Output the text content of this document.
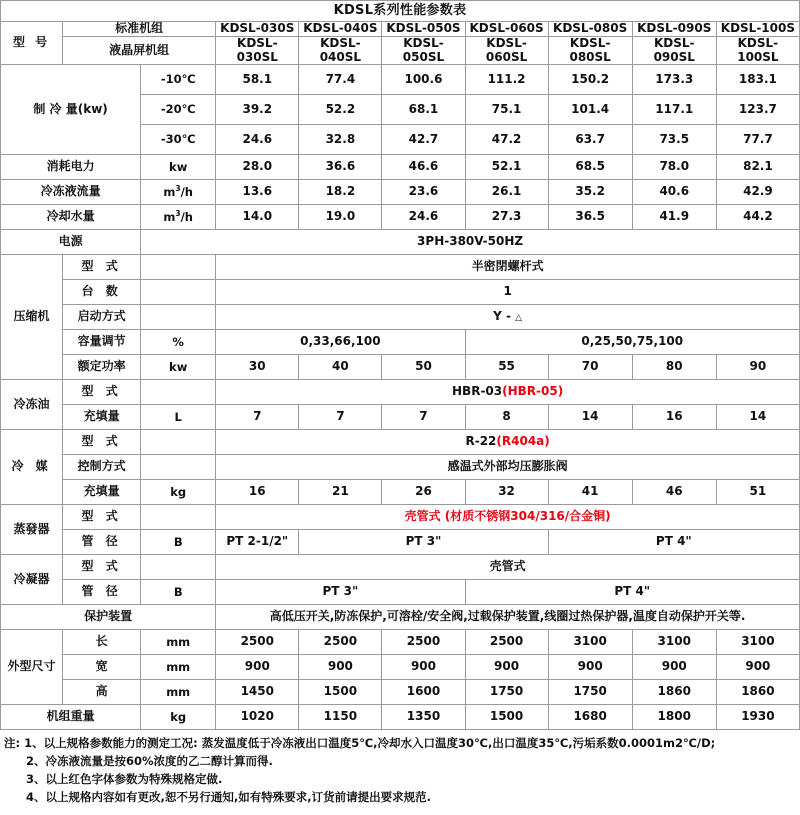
KDSL系列性能参数表									
型 号	标准机组		KDSL-030S	KDSL-040S	KDSL-050S	KDSL-060S	KDSL-080S	KDSL-090S	KDSL-100S
	液晶屏机组		KDSL-030SL	KDSL-040SL	KDSL-050SL	KDSL-060SL	KDSL-080SL	KDSL-090SL	KDSL-100SL
制 冷 量(kw)		-10℃	58.1	77.4	100.6	111.2	150.2	173.3	183.1
		-20℃	39.2	52.2	68.1	75.1	101.4	117.1	123.7
		-30℃	24.6	32.8	42.7	47.2	63.7	73.5	77.7
消耗电力		kw	28.0	36.6	46.6	52.1	68.5	78.0	82.1
冷冻液流量		$m^3/h$	13.6	18.2	23.6	26.1	35.2	40.6	42.9
冷却水量		$m^3/h$	14.0	19.0	24.6	27.3	36.5	41.9	44.2
电源		3PH-380V-50HZ							
压缩机	型 式		半密閉螺杆式						
	台 数		1						
	启动方式		Y - △						
	容量调节	%	0,33,66,100			0,25,50,75,100			
	额定功率	kw	30	40	50	55	70	80	90
冷冻油	型 式		HBR-03(HBR-05)						
	充填量	L	7	7	7	8	14	16	14
冷 媒	型 式		R-22(R404a)						
	控制方式		感温式外部均压膨胀阀						
	充填量	kg	16	21	26	32	41	46	51
蒸發器	型 式		壳管式 (材质不锈钢304/316/合金铜)						
	管 径	B	PT 2-1/2"	PT 3"			PT 4"		
冷凝器	型 式		壳管式						
	管 径	B	PT 3"			PT 4"			
保护装置			高低压开关,防冻保护,可溶栓/安全阀,过载保护装置,线圈过热保护器,温度自动保护开关等.						
外型尺寸	长	mm	2500	2500	2500	2500	3100	3100	3100
	宽	mm	900	900	900	900	900	900	900
	高	mm	1450	1500	1600	1750	1750	1860	1860
机组重量		kg	1020	1150	1350	1500	1680	1800	1930
注: 1、以上规格参数能力的测定工况: 蒸发温度低于冷冻液出口温度5℃,冷却水入口温度30℃,出口温度35℃,污垢系数0.0001m2℃/D;
2、冷冻液流量是按60%浓度的乙二醇计算而得.
3、以上红色字体参数为特殊规格定做.
4、以上规格内容如有更改,恕不另行通知,如有特殊要求,订货前请提出要求规范.
